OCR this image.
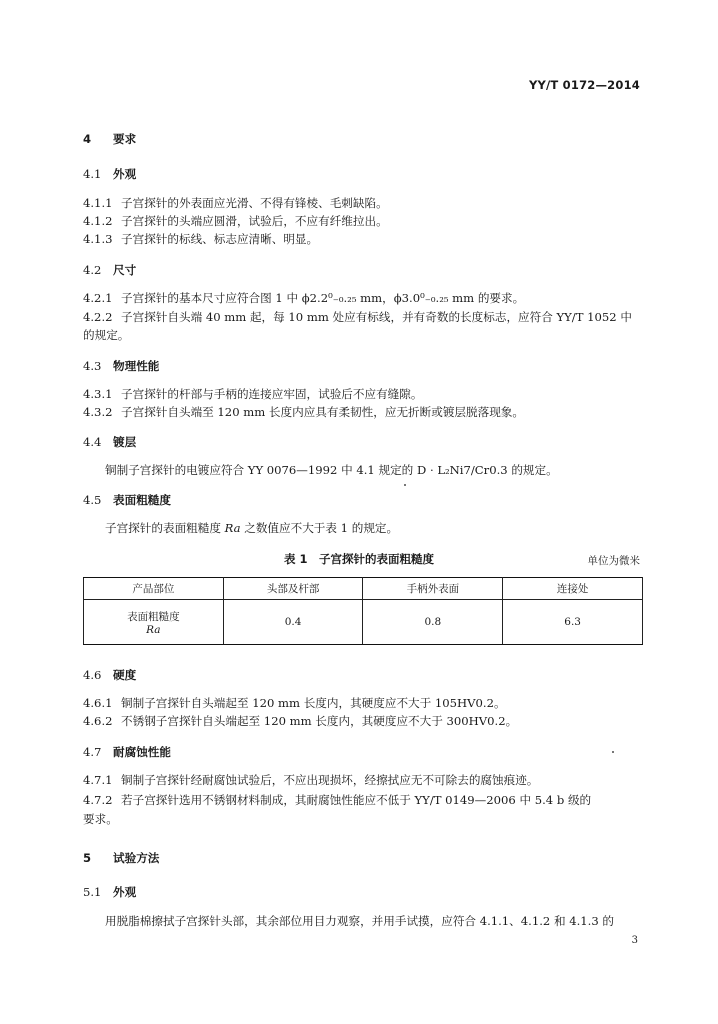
YY/T 0172—2014
4 要求
4.1 外观
4.1.1 子宫探针的外表面应光滑、不得有锋棱、毛刺缺陷。
4.1.2 子宫探针的头端应圆滑，试验后，不应有纤维拉出。
4.1.3 子宫探针的标线、标志应清晰、明显。
4.2 尺寸
4.2.1 子宫探针的基本尺寸应符合图 1 中 ϕ2.2⁰₋₀.₂₅ mm，ϕ3.0⁰₋₀.₂₅ mm 的要求。
4.2.2 子宫探针自头端 40 mm 起，每 10 mm 处应有标线，并有奇数的长度标志，应符合 YY/T 1052 中
的规定。
4.3 物理性能
4.3.1 子宫探针的杆部与手柄的连接应牢固，试验后不应有缝隙。
4.3.2 子宫探针自头端至 120 mm 长度内应具有柔韧性，应无折断或镀层脱落现象。
4.4 镀层
铜制子宫探针的电镀应符合 YY 0076—1992 中 4.1 规定的 D · L₂Ni7/Cr0.3 的规定。
4.5 表面粗糙度
子宫探针的表面粗糙度 Ra 之数值应不大于表 1 的规定。
表 1　子宫探针的表面粗糙度	单位为微米
产品部位	头部及杆部	手柄外表面	连接处

表面粗糙度
Ra	0.4	0.8	6.3
4.6 硬度
4.6.1 铜制子宫探针自头端起至 120 mm 长度内，其硬度应不大于 105HV0.2。
4.6.2 不锈钢子宫探针自头端起至 120 mm 长度内，其硬度应不大于 300HV0.2。
4.7 耐腐蚀性能
4.7.1 铜制子宫探针经耐腐蚀试验后，不应出现损坏，经擦拭应无不可除去的腐蚀痕迹。
4.7.2 若子宫探针选用不锈钢材料制成，其耐腐蚀性能应不低于 YY/T 0149—2006 中 5.4 b 级的
要求。
5 试验方法
5.1 外观
用脱脂棉擦拭子宫探针头部，其余部位用目力观察，并用手试摸，应符合 4.1.1、4.1.2 和 4.1.3 的
3
